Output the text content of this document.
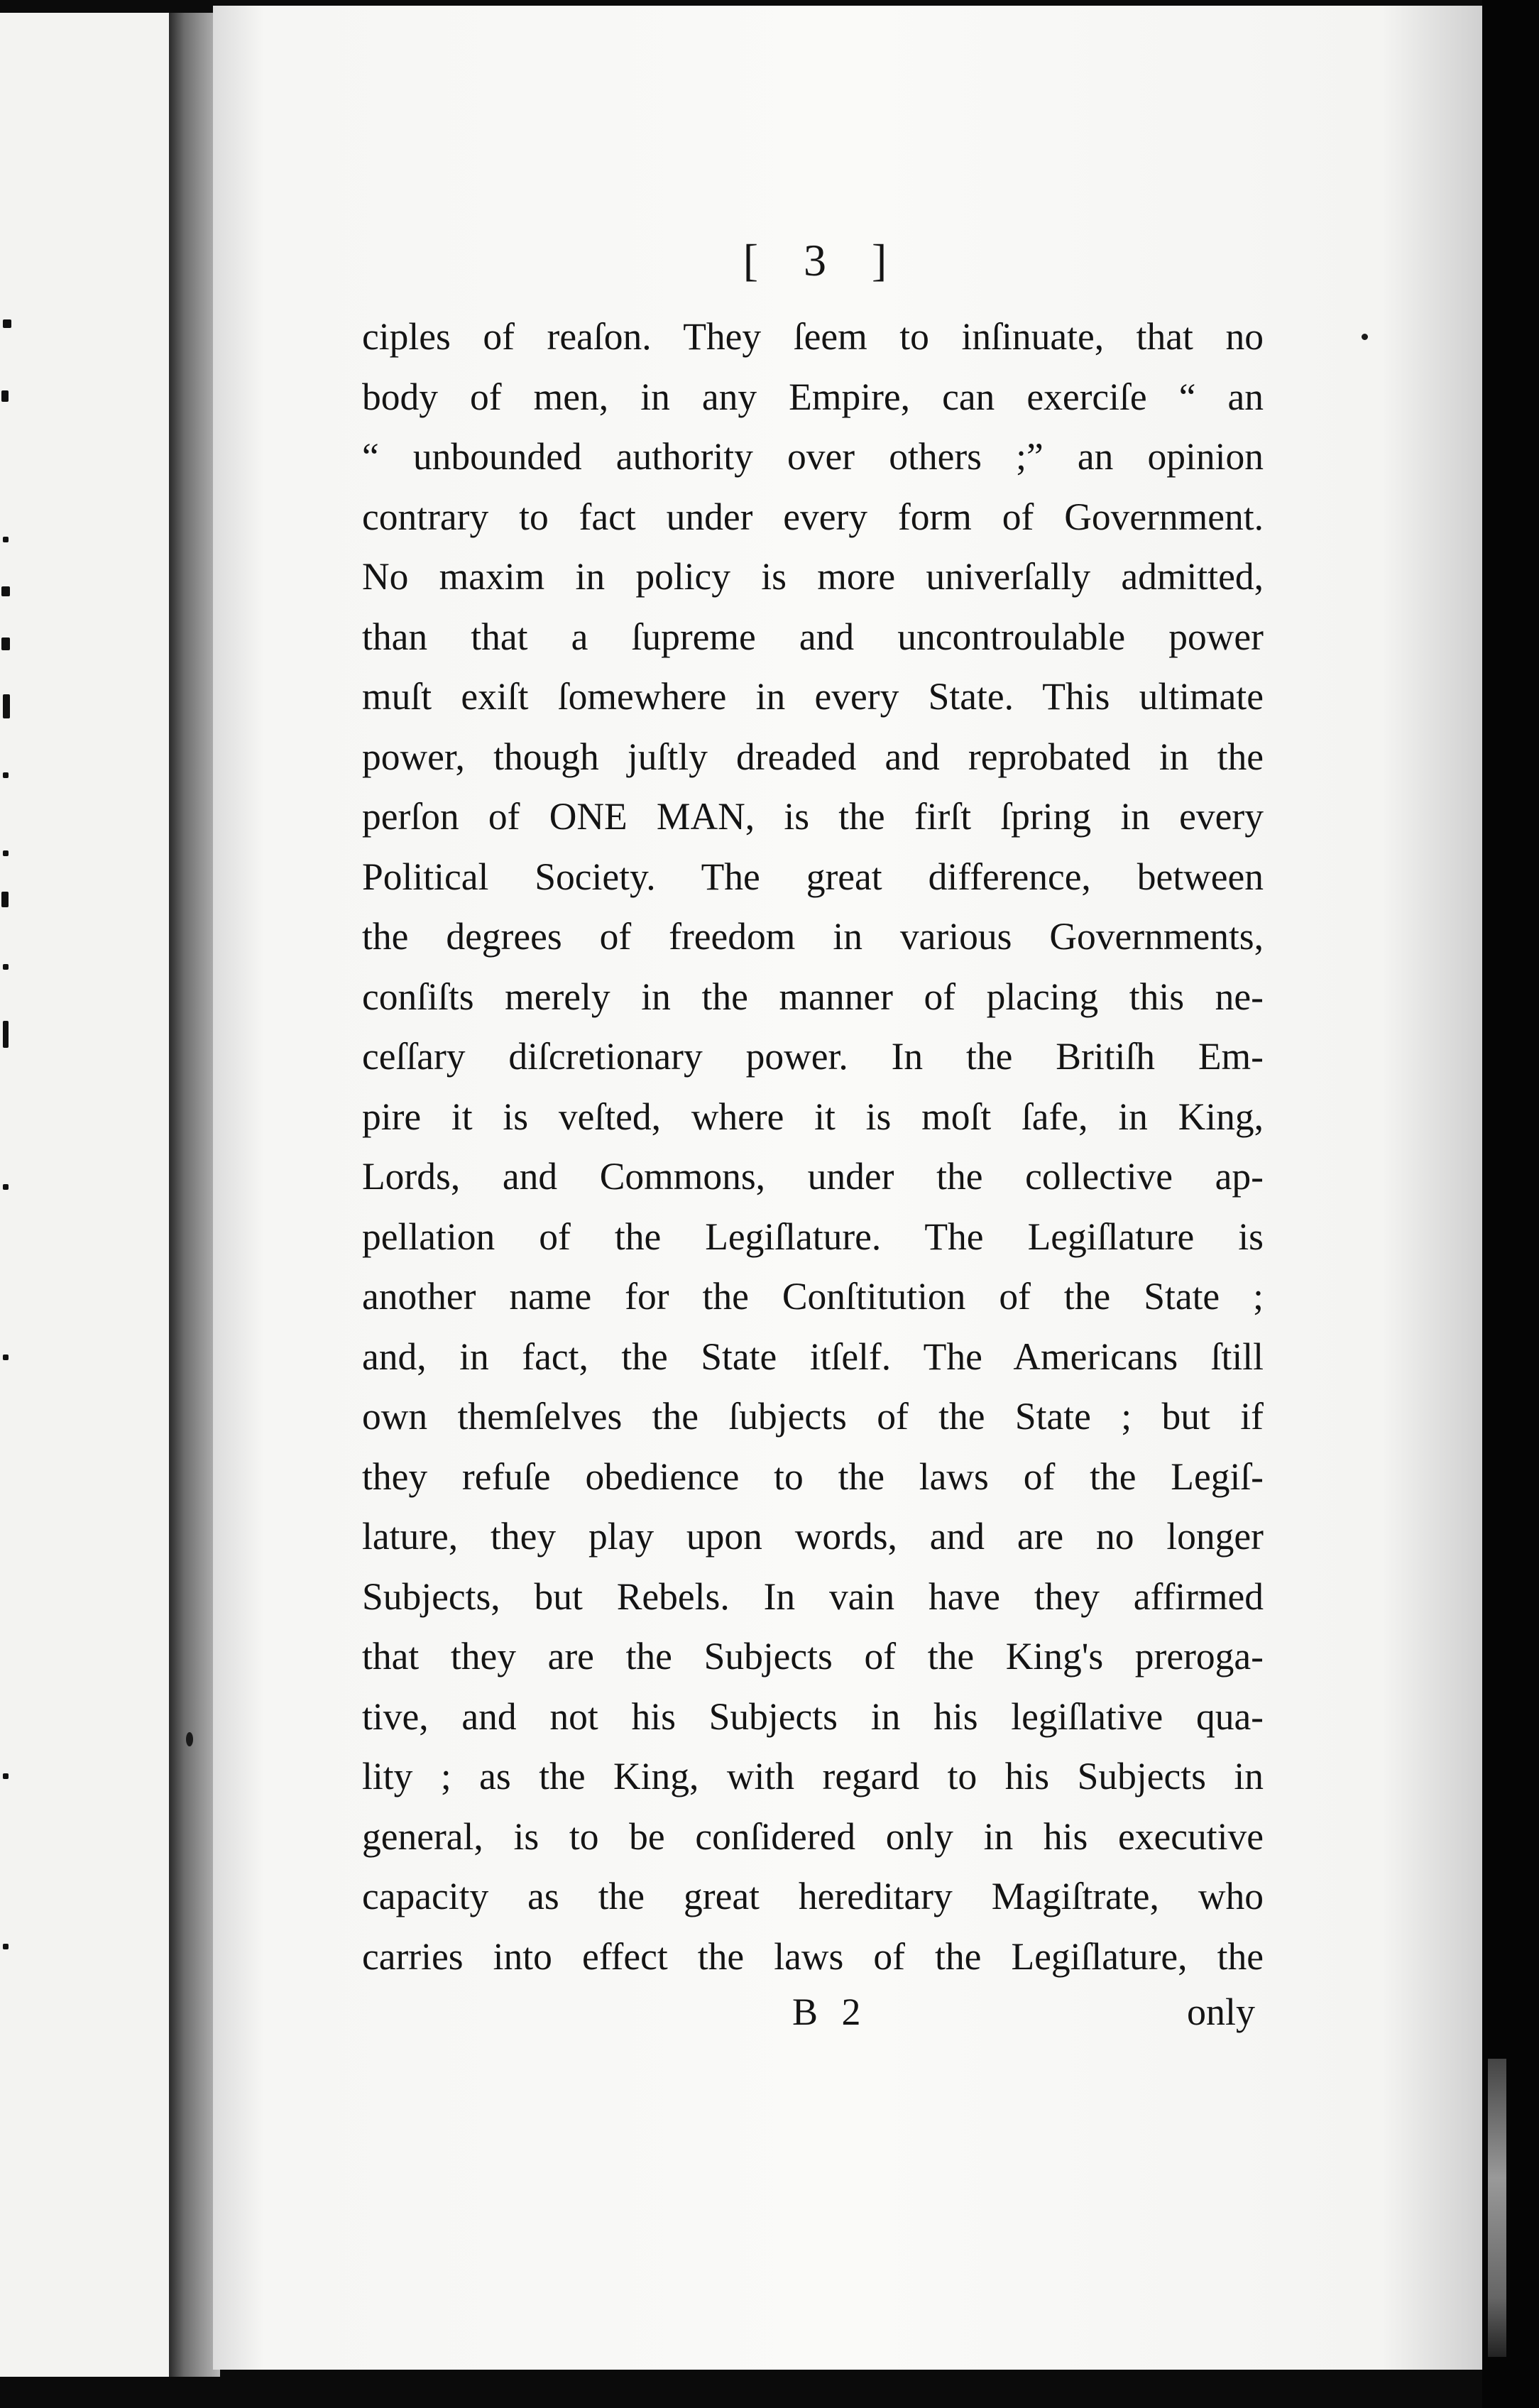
[ 3 ]
ciples of reaſon. They ſeem to inſinuate, that no
body of men, in any Empire, can exerciſe “ an
“ unbounded authority over others ;” an opinion
contrary to fact under every form of Government.
No maxim in policy is more univerſally admitted,
than that a ſupreme and uncontroulable power
muſt exiſt ſomewhere in every State. This ultimate
power, though juſtly dreaded and reprobated in the
perſon of ONE MAN, is the firſt ſpring in every
Political Society. The great difference, between
the degrees of freedom in various Governments,
conſiſts merely in the manner of placing this ne-
ceſſary diſcretionary power. In the Britiſh Em-
pire it is veſted, where it is moſt ſafe, in King,
Lords, and Commons, under the collective ap-
pellation of the Legiſlature. The Legiſlature is
another name for the Conſtitution of the State ;
and, in fact, the State itſelf. The Americans ſtill
own themſelves the ſubjects of the State ; but if
they refuſe obedience to the laws of the Legiſ-
lature, they play upon words, and are no longer
Subjects, but Rebels. In vain have they affirmed
that they are the Subjects of the King's preroga-
tive, and not his Subjects in his legiſlative qua-
lity ; as the King, with regard to his Subjects in
general, is to be conſidered only in his executive
capacity as the great hereditary Magiſtrate, who
carries into effect the laws of the Legiſlature, the
B 2	only
